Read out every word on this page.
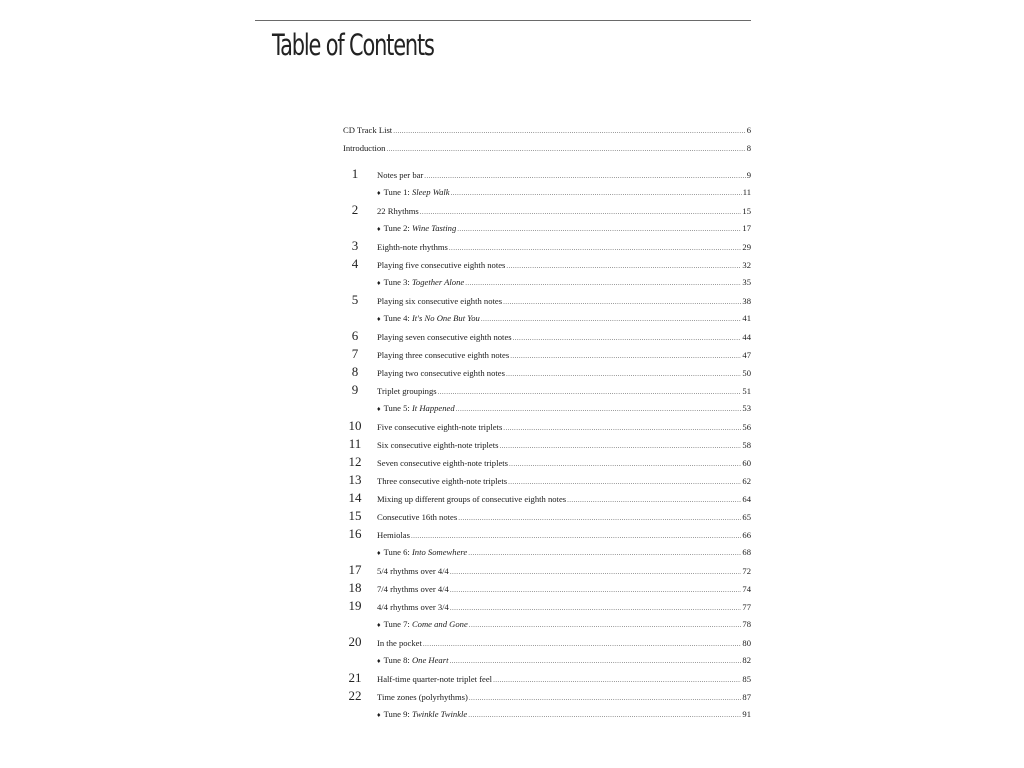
Table of Contents
CD Track List .....	6
Introduction .....	8
1	Notes per bar .....	9
♦ Tune 1: Sleep Walk .....	11
2	22 Rhythms .....	15
♦ Tune 2: Wine Tasting .....	17
3	Eighth-note rhythms .....	29
4	Playing five consecutive eighth notes .....	32
♦ Tune 3: Together Alone .....	35
5	Playing six consecutive eighth notes .....	38
♦ Tune 4: It's No One But You .....	41
6	Playing seven consecutive eighth notes .....	44
7	Playing three consecutive eighth notes .....	47
8	Playing two consecutive eighth notes .....	50
9	Triplet groupings .....	51
♦ Tune 5: It Happened .....	53
10	Five consecutive eighth-note triplets .....	56
11	Six consecutive eighth-note triplets .....	58
12	Seven consecutive eighth-note triplets .....	60
13	Three consecutive eighth-note triplets .....	62
14	Mixing up different groups of consecutive eighth notes .....	64
15	Consecutive 16th notes .....	65
16	Hemiolas .....	66
♦ Tune 6: Into Somewhere .....	68
17	5/4 rhythms over 4/4 .....	72
18	7/4 rhythms over 4/4 .....	74
19	4/4 rhythms over 3/4 .....	77
♦ Tune 7: Come and Gone .....	78
20	In the pocket .....	80
♦ Tune 8: One Heart .....	82
21	Half-time quarter-note triplet feel .....	85
22	Time zones (polyrhythms) .....	87
♦ Tune 9: Twinkle Twinkle .....	91
